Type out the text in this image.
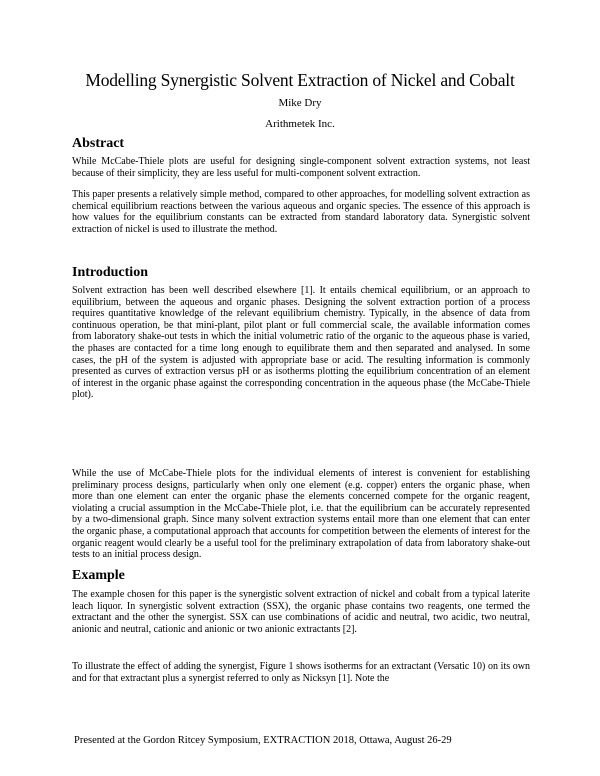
Modelling Synergistic Solvent Extraction of Nickel and Cobalt
Mike Dry
Arithmetek Inc.
Abstract

While McCabe-Thiele plots are useful for designing single-component solvent extraction systems, not least because of their simplicity, they are less useful for multi-component solvent extraction.

This paper presents a relatively simple method, compared to other approaches, for modelling solvent extraction as chemical equilibrium reactions between the various aqueous and organic species. The essence of this approach is how values for the equilibrium constants can be extracted from standard laboratory data. Synergistic solvent extraction of nickel is used to illustrate the method.

Introduction

Solvent extraction has been well described elsewhere [1]. It entails chemical equilibrium, or an approach to equilibrium, between the aqueous and organic phases. Designing the solvent extraction portion of a process requires quantitative knowledge of the relevant equilibrium chemistry. Typically, in the absence of data from continuous operation, be that mini-plant, pilot plant or full commercial scale, the available information comes from laboratory shake-out tests in which the initial volumetric ratio of the organic to the aqueous phase is varied, the phases are contacted for a time long enough to equilibrate them and then separated and analysed. In some cases, the pH of the system is adjusted with appropriate base or acid. The resulting information is commonly presented as curves of extraction versus pH or as isotherms plotting the equilibrium concentration of an element of interest in the organic phase against the corresponding concentration in the aqueous phase (the McCabe-Thiele plot).

While the use of McCabe-Thiele plots for the individual elements of interest is convenient for establishing preliminary process designs, particularly when only one element (e.g. copper) enters the organic phase, when more than one element can enter the organic phase the elements concerned compete for the organic reagent, violating a crucial assumption in the McCabe-Thiele plot, i.e. that the equilibrium can be accurately represented by a two-dimensional graph. Since many solvent extraction systems entail more than one element that can enter the organic phase, a computational approach that accounts for competition between the elements of interest for the organic reagent would clearly be a useful tool for the preliminary extrapolation of data from laboratory shake-out tests to an initial process design.

Example

The example chosen for this paper is the synergistic solvent extraction of nickel and cobalt from a typical laterite leach liquor. In synergistic solvent extraction (SSX), the organic phase contains two reagents, one termed the extractant and the other the synergist. SSX can use combinations of acidic and neutral, two acidic, two neutral, anionic and neutral, cationic and anionic or two anionic extractants [2].

To illustrate the effect of adding the synergist, Figure 1 shows isotherms for an extractant (Versatic 10) on its own and for that extractant plus a synergist referred to only as Nicksyn [1]. Note the

Presented at the Gordon Ritcey Symposium, EXTRACTION 2018, Ottawa, August 26-29
